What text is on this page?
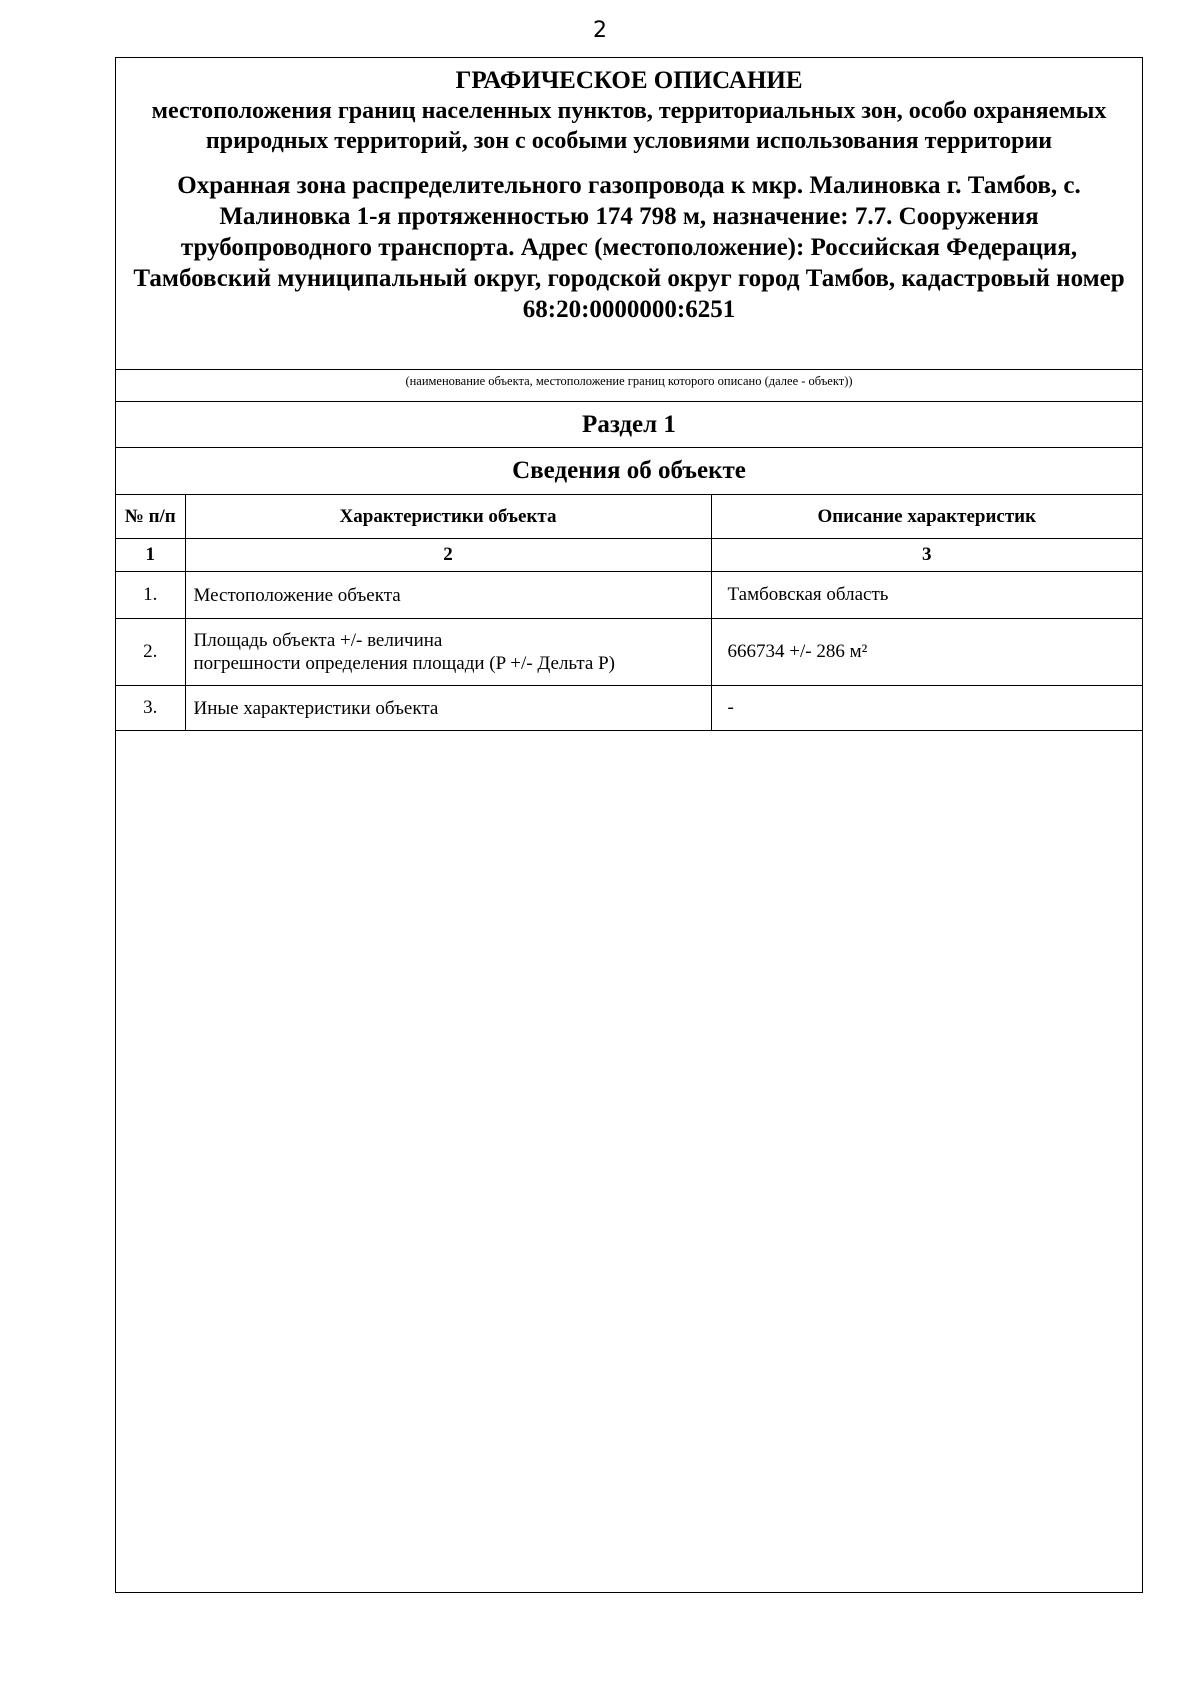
2
ГРАФИЧЕСКОЕ ОПИСАНИЕ
местоположения границ населенных пунктов, территориальных зон, особо охраняемых природных территорий, зон с особыми условиями использования территории
Охранная зона распределительного газопровода к мкр. Малиновка г. Тамбов, с. Малиновка 1-я протяженностью 174 798 м, назначение: 7.7. Сооружения трубопроводного транспорта. Адрес (местоположение): Российская Федерация, Тамбовский муниципальный округ, городской округ город Тамбов, кадастровый номер 68:20:0000000:6251
(наименование объекта, местоположение границ которого описано (далее - объект))
Раздел 1
Сведения об объекте
№ п/п	Характеристики объекта	Описание характеристик
1	2	3
1.	Местоположение объекта	Тамбовская область
2.	Площадь объекта +/- величина
погрешности определения площади (P +/- Дельта P)	666734 +/- 286 м²
3.	Иные характеристики объекта	-
